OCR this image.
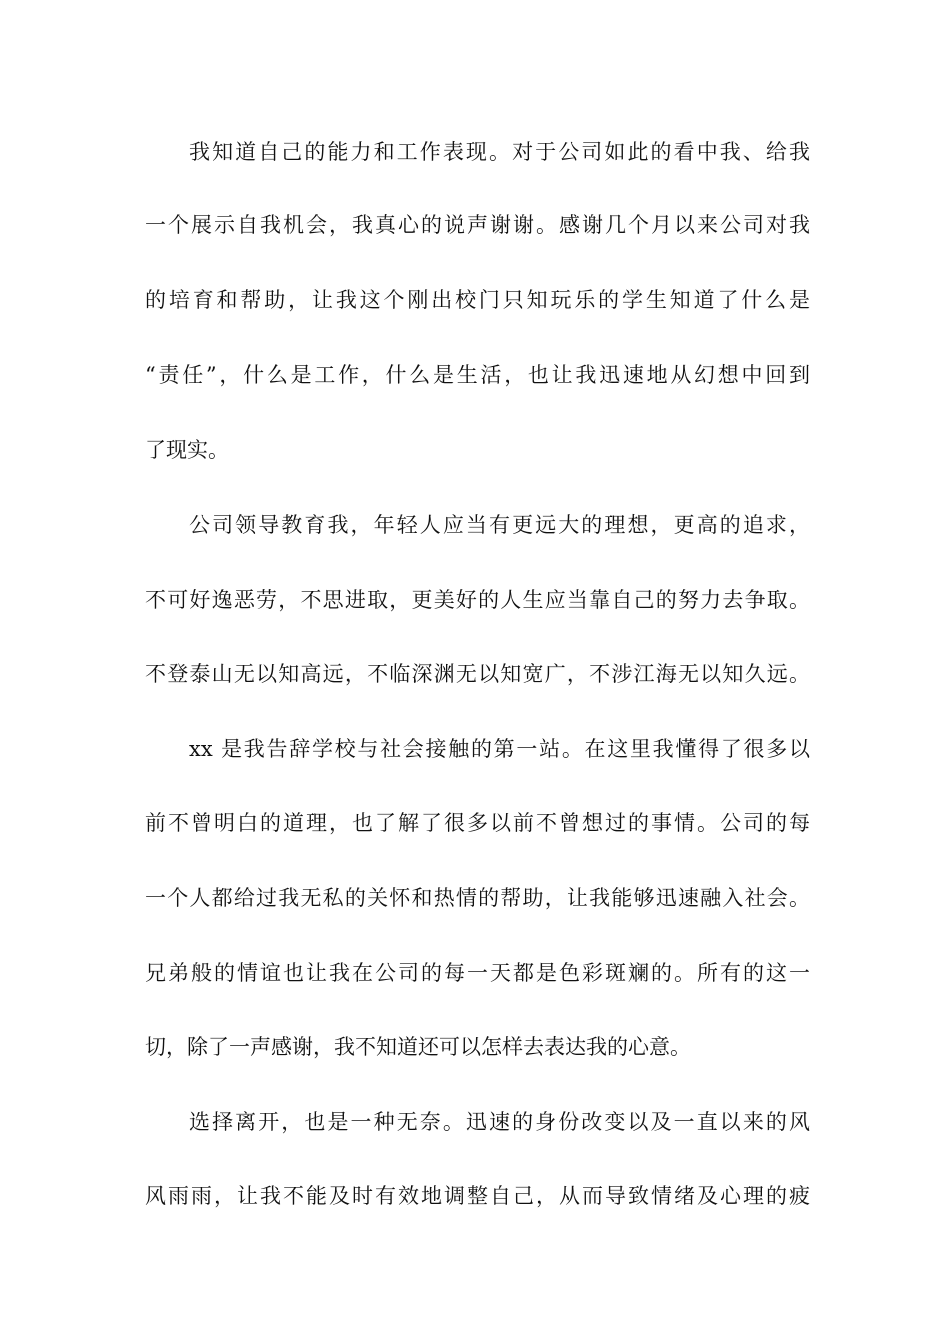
我知道自己的能力和工作表现。对于公司如此的看中我、给我
一个展示自我机会，我真心的说声谢谢。感谢几个月以来公司对我
的培育和帮助，让我这个刚出校门只知玩乐的学生知道了什么是
“责任”，什么是工作，什么是生活，也让我迅速地从幻想中回到
了现实。
公司领导教育我，年轻人应当有更远大的理想，更高的追求，
不可好逸恶劳，不思进取，更美好的人生应当靠自己的努力去争取。
不登泰山无以知高远，不临深渊无以知宽广，不涉江海无以知久远。
xx 是我告辞学校与社会接触的第一站。在这里我懂得了很多以
前不曾明白的道理，也了解了很多以前不曾想过的事情。公司的每
一个人都给过我无私的关怀和热情的帮助，让我能够迅速融入社会。
兄弟般的情谊也让我在公司的每一天都是色彩斑斓的。所有的这一
切，除了一声感谢，我不知道还可以怎样去表达我的心意。
选择离开，也是一种无奈。迅速的身份改变以及一直以来的风
风雨雨，让我不能及时有效地调整自己，从而导致情绪及心理的疲
